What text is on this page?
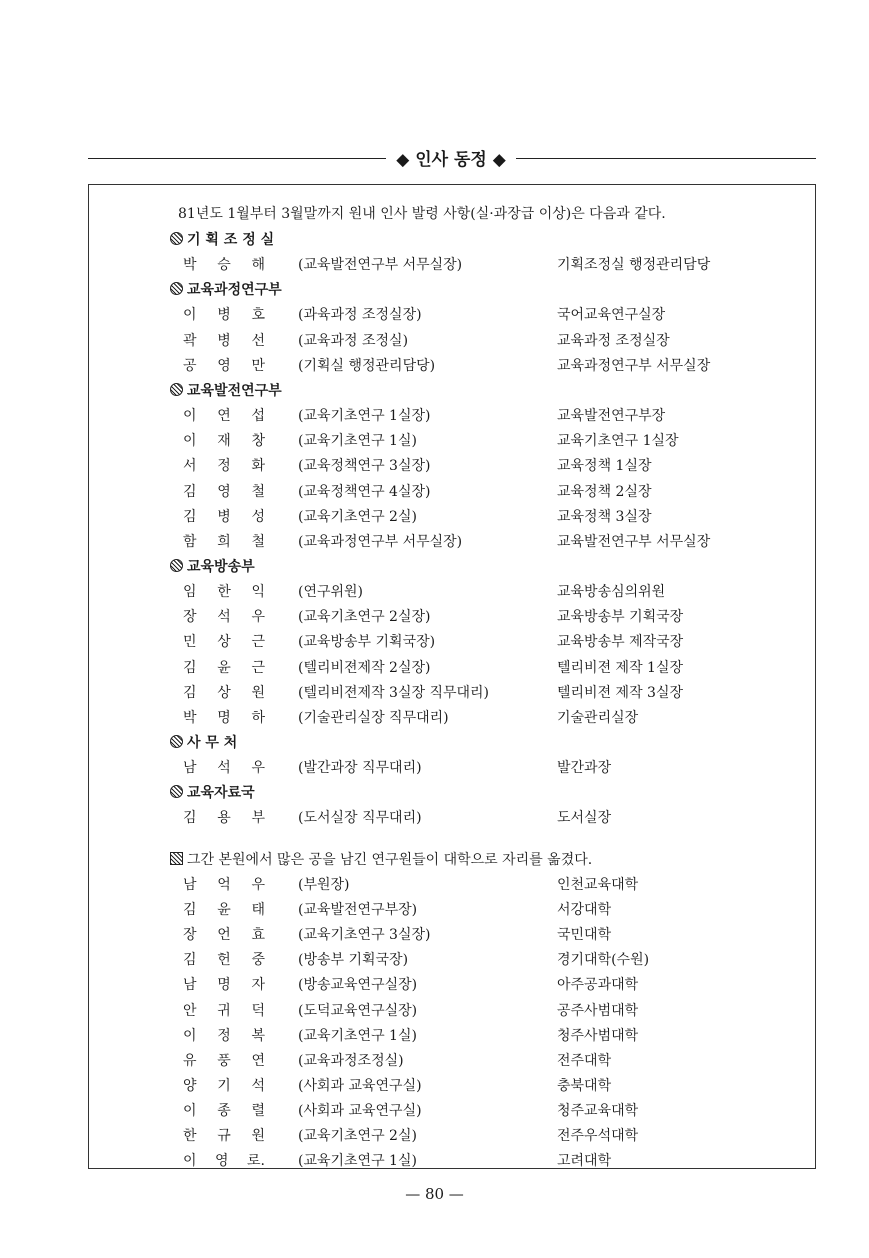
◆ 인사 동정 ◆
81년도 1월부터 3월말까지 원내 인사 발령 사항(실·과장급 이상)은 다음과 같다.
기 획 조 정 실
박 승 해 (교육발전연구부 서무실장)	기획조정실 행정관리담당
교육과정연구부
이 병 호 (과육과정 조정실장)	국어교육연구실장
곽 병 선 (교육과정 조정실)	교육과정 조정실장
공 영 만 (기획실 행정관리담당)	교육과정연구부 서무실장
교육발전연구부
이 연 섭 (교육기초연구 1실장)	교육발전연구부장
이 재 창 (교육기초연구 1실)	교육기초연구 1실장
서 정 화 (교육정책연구 3실장)	교육정책 1실장
김 영 철 (교육정책연구 4실장)	교육정책 2실장
김 병 성 (교육기초연구 2실)	교육정책 3실장
함 희 철 (교육과정연구부 서무실장)	교육발전연구부 서무실장
교육방송부
임 한 익 (연구위원)	교육방송심의위원
장 석 우 (교육기초연구 2실장)	교육방송부 기획국장
민 상 근 (교육방송부 기획국장)	교육방송부 제작국장
김 윤 근 (텔리비젼제작 2실장)	텔리비젼 제작 1실장
김 상 원 (텔리비젼제작 3실장 직무대리)	텔리비젼 제작 3실장
박 명 하 (기술관리실장 직무대리)	기술관리실장
사 무 처
남 석 우 (발간과장 직무대리)	발간과장
교육자료국
김 용 부 (도서실장 직무대리)	도서실장
그간 본원에서 많은 공을 남긴 연구원들이 대학으로 자리를 옮겼다.
남 억 우 (부원장)	인천교육대학
김 윤 태 (교육발전연구부장)	서강대학
장 언 효 (교육기초연구 3실장)	국민대학
김 헌 중 (방송부 기획국장)	경기대학(수원)
남 명 자 (방송교육연구실장)	아주공과대학
안 귀 덕 (도덕교육연구실장)	공주사범대학
이 정 복 (교육기초연구 1실)	청주사범대학
유 풍 연 (교육과정조정실)	전주대학
양 기 석 (사회과 교육연구실)	충북대학
이 종 렬 (사회과 교육연구실)	청주교육대학
한 규 원 (교육기초연구 2실)	전주우석대학
이 영 로. (교육기초연구 1실)	고려대학
— 80 —
